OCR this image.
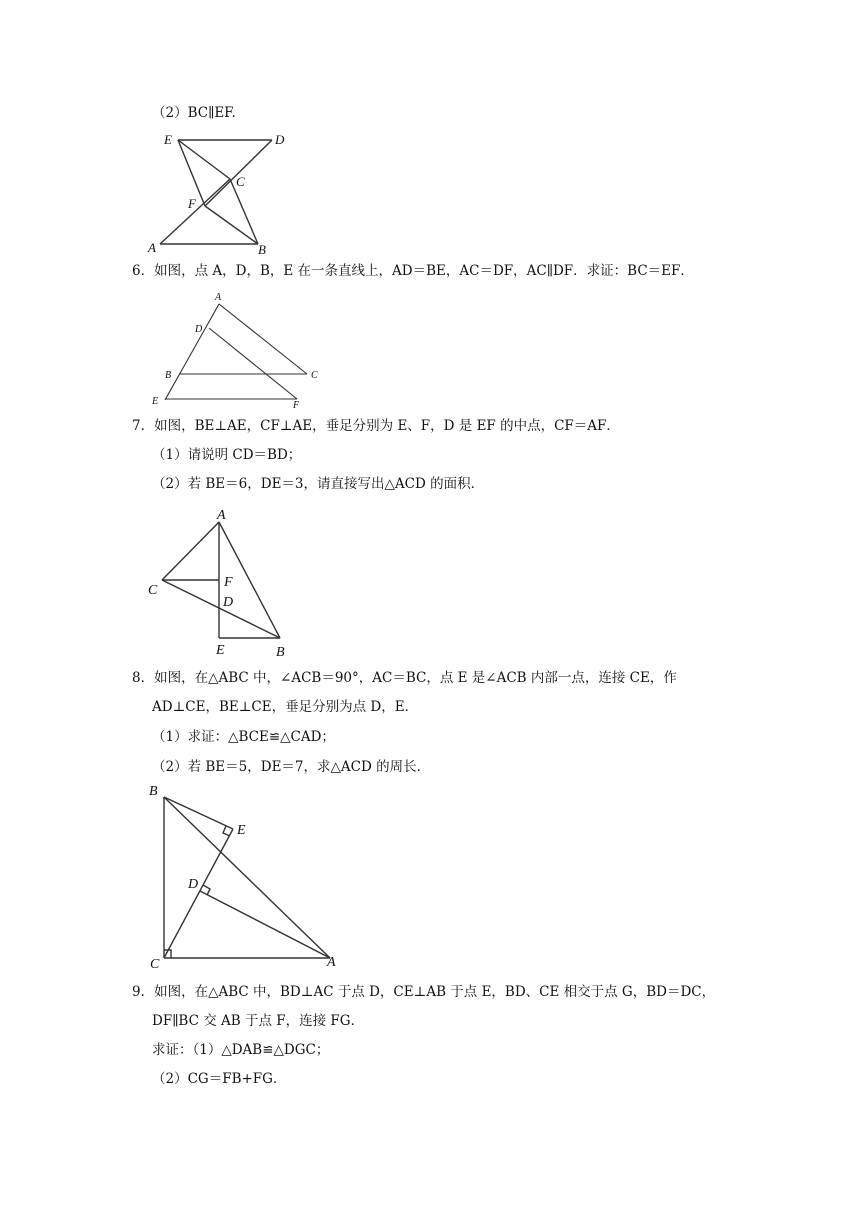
（2）BC∥EF.
E	D
C
F
A	B
6．如图，点 A，D，B，E 在一条直线上，AD＝BE，AC＝DF，AC∥DF．求证：BC＝EF．
A
D
B	C
E	F
7．如图，BE⊥AE，CF⊥AE，垂足分别为 E、F，D 是 EF 的中点，CF＝AF．
（1）请说明 CD＝BD；
（2）若 BE＝6，DE＝3，请直接写出△ACD 的面积．
A
C
F
D
E	B
8．如图，在△ABC 中，∠ACB＝90°，AC＝BC，点 E 是∠ACB 内部一点，连接 CE，作
AD⊥CE，BE⊥CE，垂足分别为点 D，E．
（1）求证：△BCE≌△CAD；
（2）若 BE＝5，DE＝7，求△ACD 的周长．
B
E
D
C	A
9．如图，在△ABC 中，BD⊥AC 于点 D，CE⊥AB 于点 E，BD、CE 相交于点 G，BD＝DC，
DF∥BC 交 AB 于点 F，连接 FG．
求证：（1）△DAB≌△DGC；
（2）CG＝FB+FG．
